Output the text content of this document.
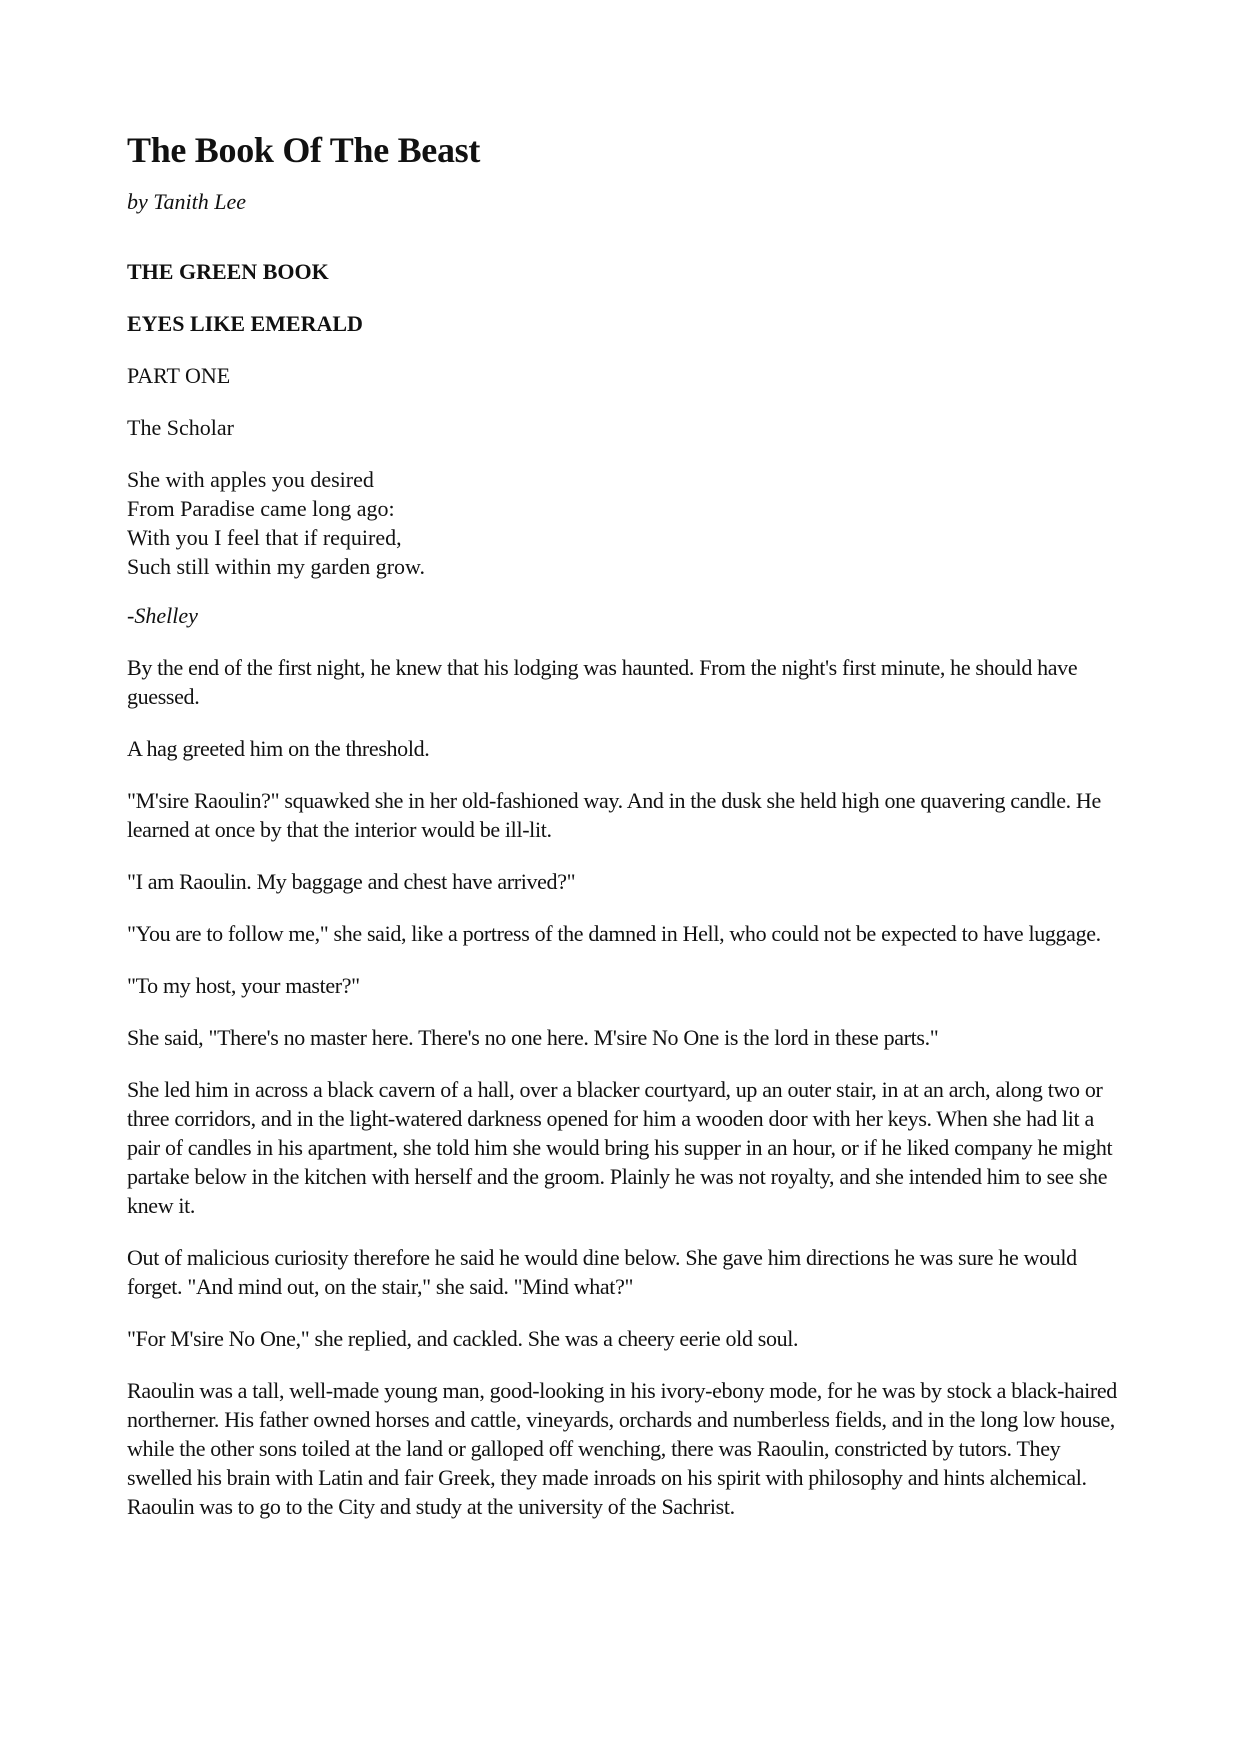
The Book Of The Beast
by Tanith Lee
THE GREEN BOOK
EYES LIKE EMERALD
PART ONE
The Scholar
She with apples you desired
From Paradise came long ago:
With you I feel that if required,
Such still within my garden grow.
-Shelley

By the end of the first night, he knew that his lodging was haunted. From the night's first minute, he should have guessed.

A hag greeted him on the threshold.

"M'sire Raoulin?" squawked she in her old-fashioned way. And in the dusk she held high one quavering candle. He learned at once by that the interior would be ill-lit.

"I am Raoulin. My baggage and chest have arrived?"

"You are to follow me," she said, like a portress of the damned in Hell, who could not be expected to have luggage.

"To my host, your master?"

She said, "There's no master here. There's no one here. M'sire No One is the lord in these parts."

She led him in across a black cavern of a hall, over a blacker courtyard, up an outer stair, in at an arch, along two or three corridors, and in the light-watered darkness opened for him a wooden door with her keys. When she had lit a pair of candles in his apartment, she told him she would bring his supper in an hour, or if he liked company he might partake below in the kitchen with herself and the groom. Plainly he was not royalty, and she intended him to see she knew it.

Out of malicious curiosity therefore he said he would dine below. She gave him directions he was sure he would forget. "And mind out, on the stair," she said. "Mind what?"

"For M'sire No One," she replied, and cackled. She was a cheery eerie old soul.

Raoulin was a tall, well-made young man, good-looking in his ivory-ebony mode, for he was by stock a black-haired northerner. His father owned horses and cattle, vineyards, orchards and numberless fields, and in the long low house, while the other sons toiled at the land or galloped off wenching, there was Raoulin, constricted by tutors. They swelled his brain with Latin and fair Greek, they made inroads on his spirit with philosophy and hints alchemical. Raoulin was to go to the City and study at the university of the Sachrist.
